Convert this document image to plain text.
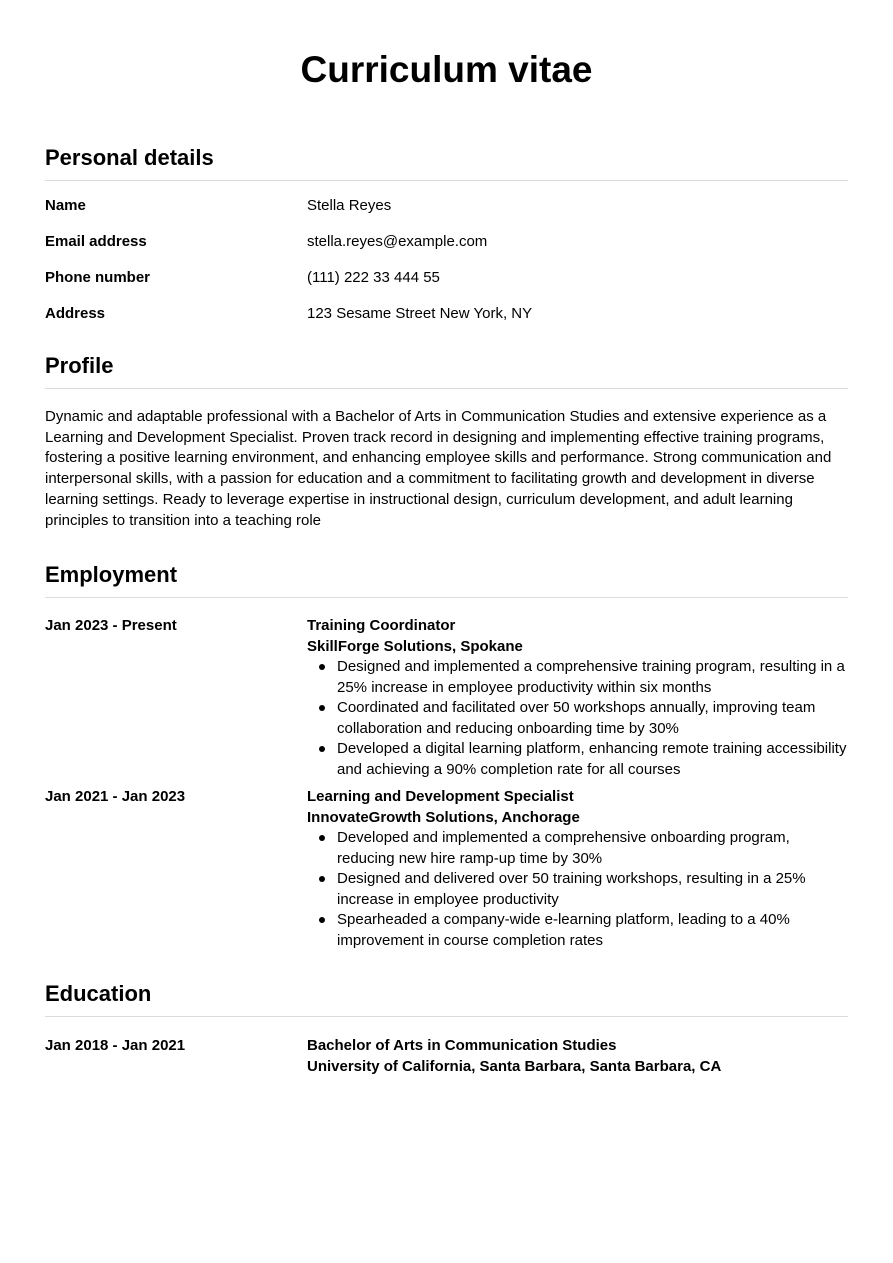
Curriculum vitae
Personal details
Name	Stella Reyes
Email address	stella.reyes@example.com
Phone number	(111) 222 33 444 55
Address	123 Sesame Street New York, NY
Profile

Dynamic and adaptable professional with a Bachelor of Arts in Communication Studies and extensive experience as a Learning and Development Specialist. Proven track record in designing and implementing effective training programs, fostering a positive learning environment, and enhancing employee skills and performance. Strong communication and interpersonal skills, with a passion for education and a commitment to facilitating growth and development in diverse learning settings. Ready to leverage expertise in instructional design, curriculum development, and adult learning principles to transition into a teaching role

Employment
Jan 2023 - Present	Training Coordinator
SkillForge Solutions, Spokane
Designed and implemented a comprehensive training program, resulting in a 25% increase in employee productivity within six months
Coordinated and facilitated over 50 workshops annually, improving team collaboration and reducing onboarding time by 30%
Developed a digital learning platform, enhancing remote training accessibility and achieving a 90% completion rate for all courses
Jan 2021 - Jan 2023	Learning and Development Specialist
InnovateGrowth Solutions, Anchorage
Developed and implemented a comprehensive onboarding program, reducing new hire ramp-up time by 30%
Designed and delivered over 50 training workshops, resulting in a 25% increase in employee productivity
Spearheaded a company-wide e-learning platform, leading to a 40% improvement in course completion rates
Education
Jan 2018 - Jan 2021	Bachelor of Arts in Communication Studies
University of California, Santa Barbara, Santa Barbara, CA
